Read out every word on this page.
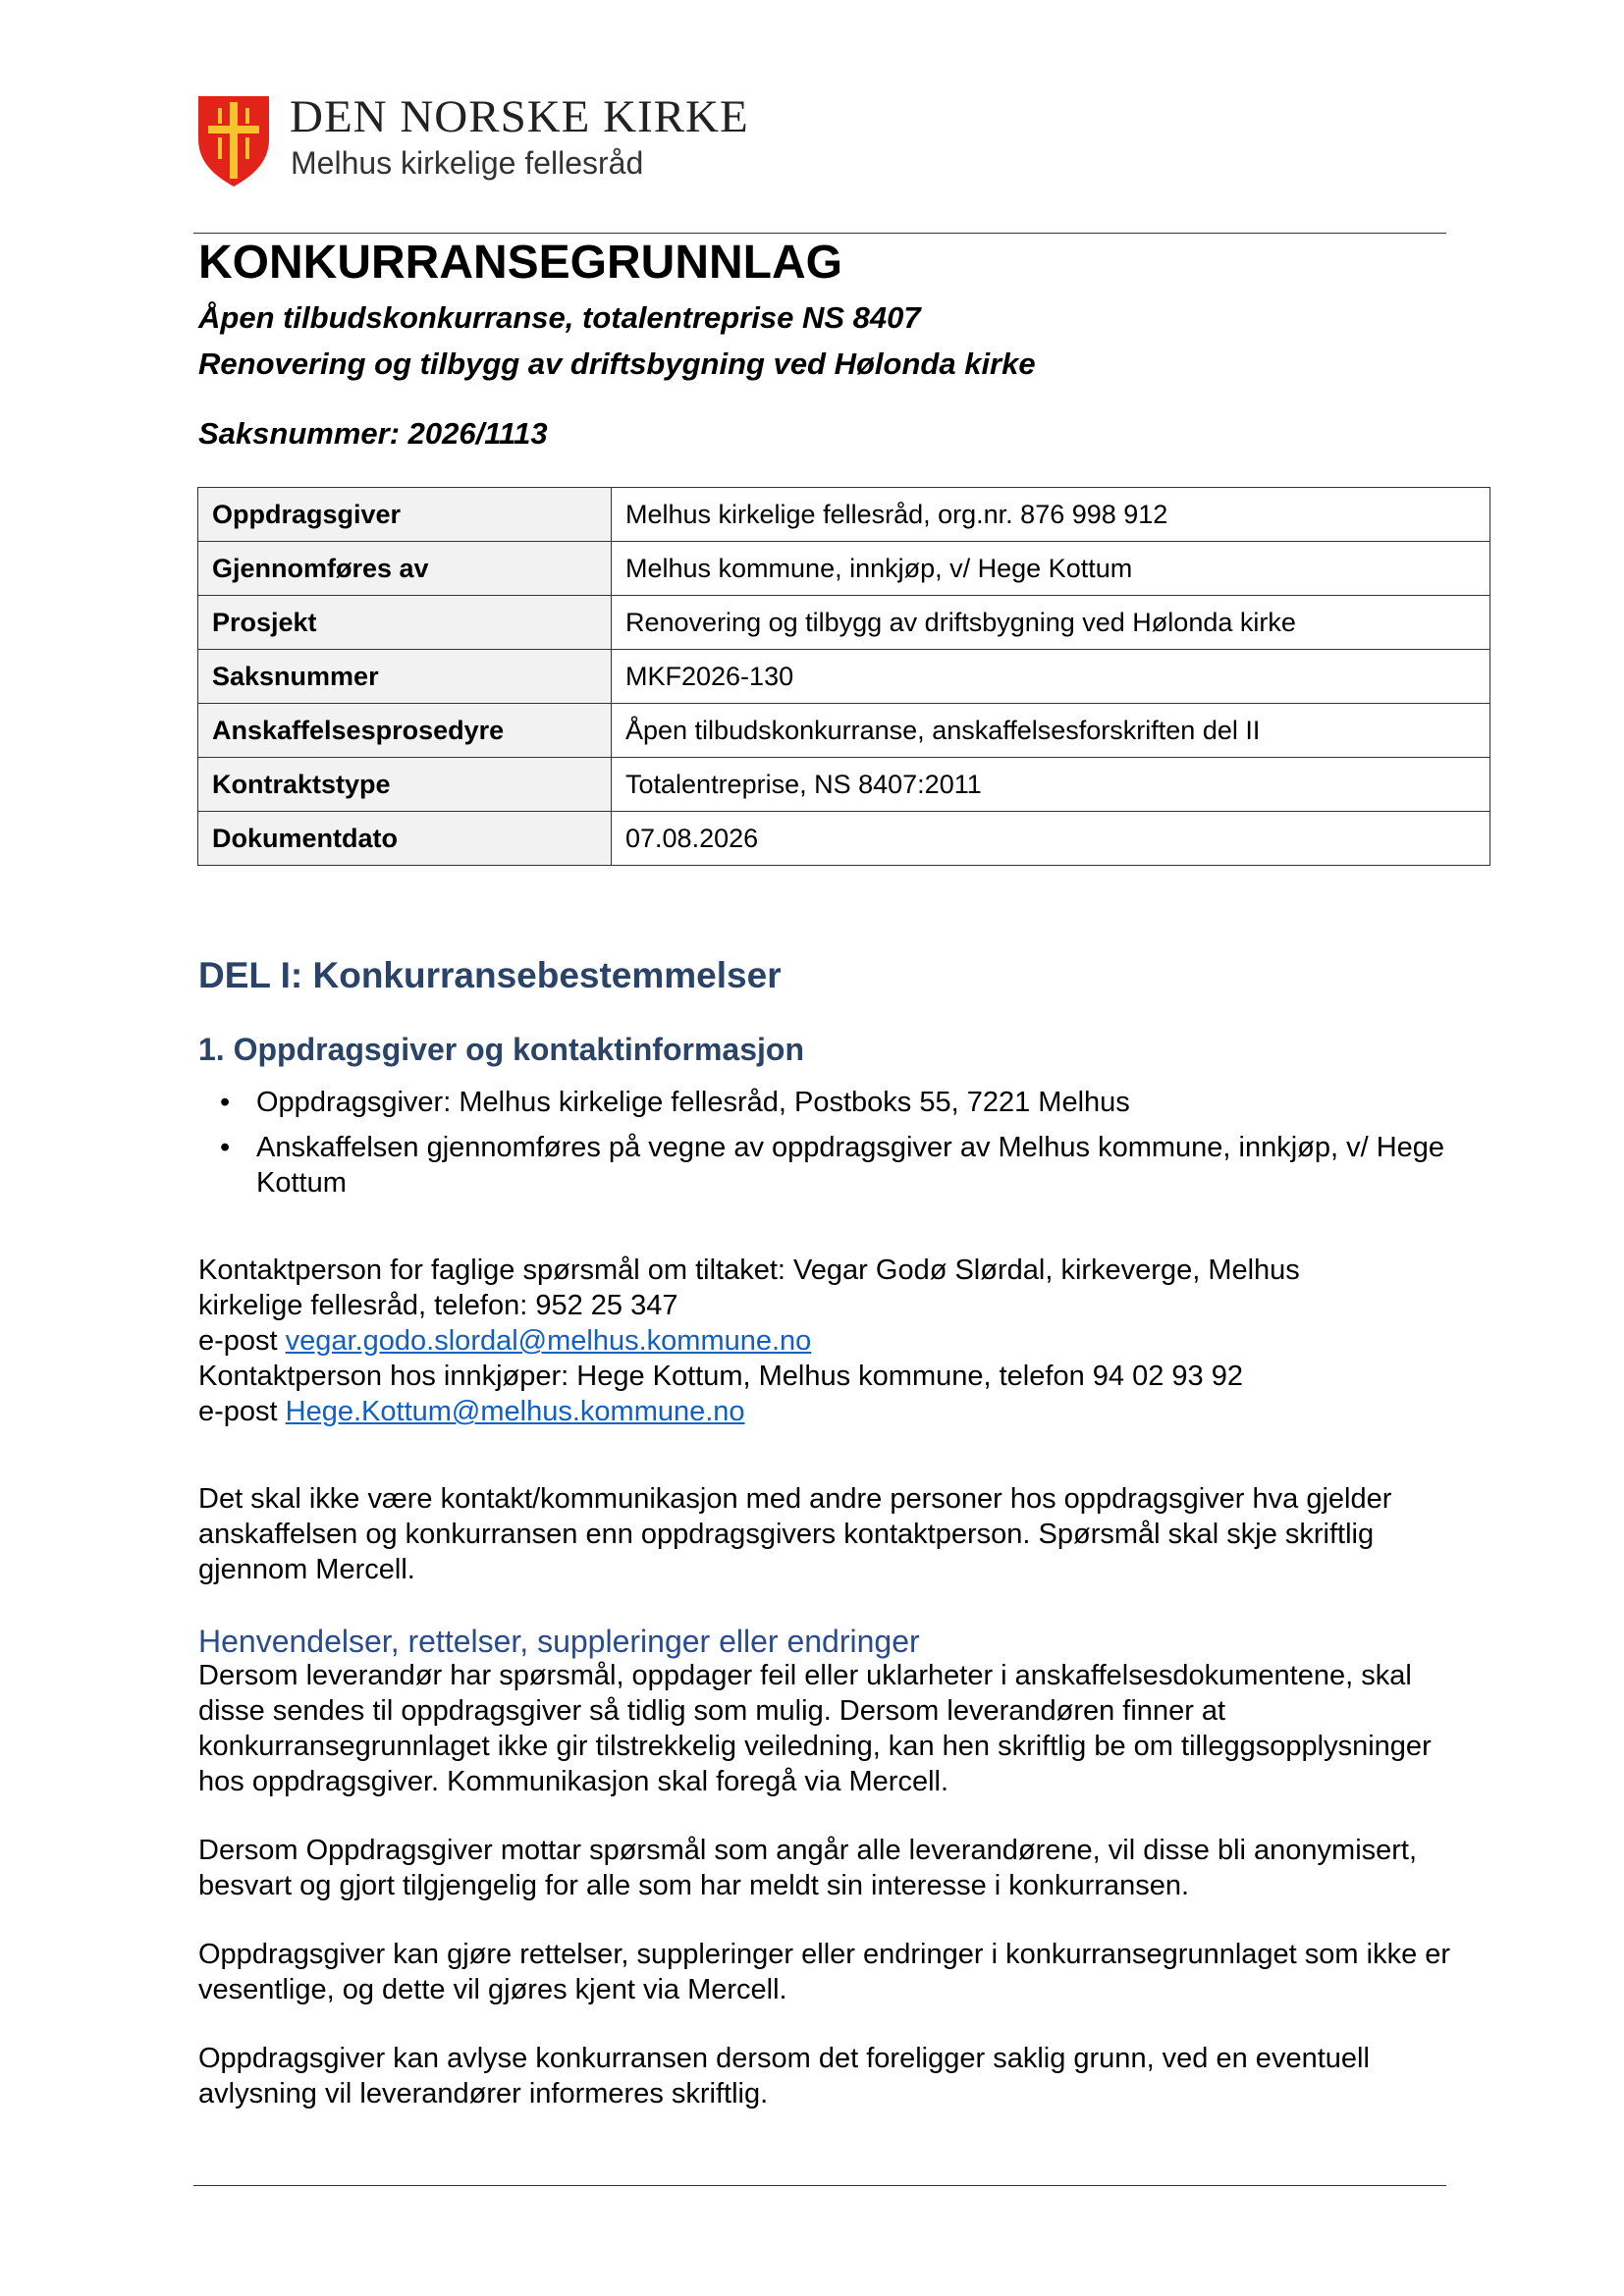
DEN NORSKE KIRKE
Melhus kirkelige fellesråd
KONKURRANSEGRUNNLAG
Åpen tilbudskonkurranse, totalentreprise NS 8407
Renovering og tilbygg av driftsbygning ved Hølonda kirke
Saksnummer: 2026/1113
Oppdragsgiver	Melhus kirkelige fellesråd, org.nr. 876 998 912
Gjennomføres av	Melhus kommune, innkjøp, v/ Hege Kottum
Prosjekt	Renovering og tilbygg av driftsbygning ved Hølonda kirke
Saksnummer	MKF2026-130
Anskaffelsesprosedyre	Åpen tilbudskonkurranse, anskaffelsesforskriften del II
Kontraktstype	Totalentreprise, NS 8407:2011
Dokumentdato	07.08.2026
DEL I: Konkurransebestemmelser
1. Oppdragsgiver og kontaktinformasjon
• Oppdragsgiver: Melhus kirkelige fellesråd, Postboks 55, 7221 Melhus
• Anskaffelsen gjennomføres på vegne av oppdragsgiver av Melhus kommune, innkjøp, v/ Hege Kottum
Kontaktperson for faglige spørsmål om tiltaket: Vegar Godø Slørdal, kirkeverge, Melhus
kirkelige fellesråd, telefon: 952 25 347
e-post vegar.godo.slordal@melhus.kommune.no
Kontaktperson hos innkjøper: Hege Kottum, Melhus kommune, telefon 94 02 93 92
e-post Hege.Kottum@melhus.kommune.no
Det skal ikke være kontakt/kommunikasjon med andre personer hos oppdragsgiver hva gjelder anskaffelsen og konkurransen enn oppdragsgivers kontaktperson. Spørsmål skal skje skriftlig gjennom Mercell.
Henvendelser, rettelser, suppleringer eller endringer
Dersom leverandør har spørsmål, oppdager feil eller uklarheter i anskaffelsesdokumentene, skal disse sendes til oppdragsgiver så tidlig som mulig. Dersom leverandøren finner at konkurransegrunnlaget ikke gir tilstrekkelig veiledning, kan hen skriftlig be om tilleggsopplysninger hos oppdragsgiver. Kommunikasjon skal foregå via Mercell.
Dersom Oppdragsgiver mottar spørsmål som angår alle leverandørene, vil disse bli anonymisert, besvart og gjort tilgjengelig for alle som har meldt sin interesse i konkurransen.
Oppdragsgiver kan gjøre rettelser, suppleringer eller endringer i konkurransegrunnlaget som ikke er vesentlige, og dette vil gjøres kjent via Mercell.
Oppdragsgiver kan avlyse konkurransen dersom det foreligger saklig grunn, ved en eventuell avlysning vil leverandører informeres skriftlig.
